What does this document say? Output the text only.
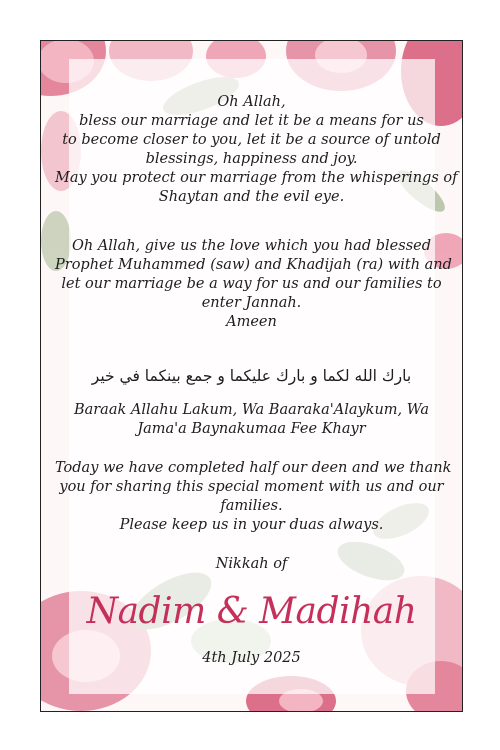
Oh Allah,
bless our marriage and let it be a means for us
to become closer to you, let it be a source of untold
blessings, happiness and joy.
May you protect our marriage from the whisperings of
Shaytan and the evil eye.
Oh Allah, give us the love which you had blessed
Prophet Muhammed (saw) and Khadijah (ra) with and
let our marriage be a way for us and our families to
enter Jannah.
Ameen
بارك الله لكما و بارك عليكما و جمع بينكما في خير
Baraak Allahu Lakum, Wa Baaraka'Alaykum, Wa
Jama'a Baynakumaa Fee Khayr
Today we have completed half our deen and we thank
you for sharing this special moment with us and our
families.
Please keep us in your duas always.
Nikkah of
Nadim & Madihah
4th July 2025
